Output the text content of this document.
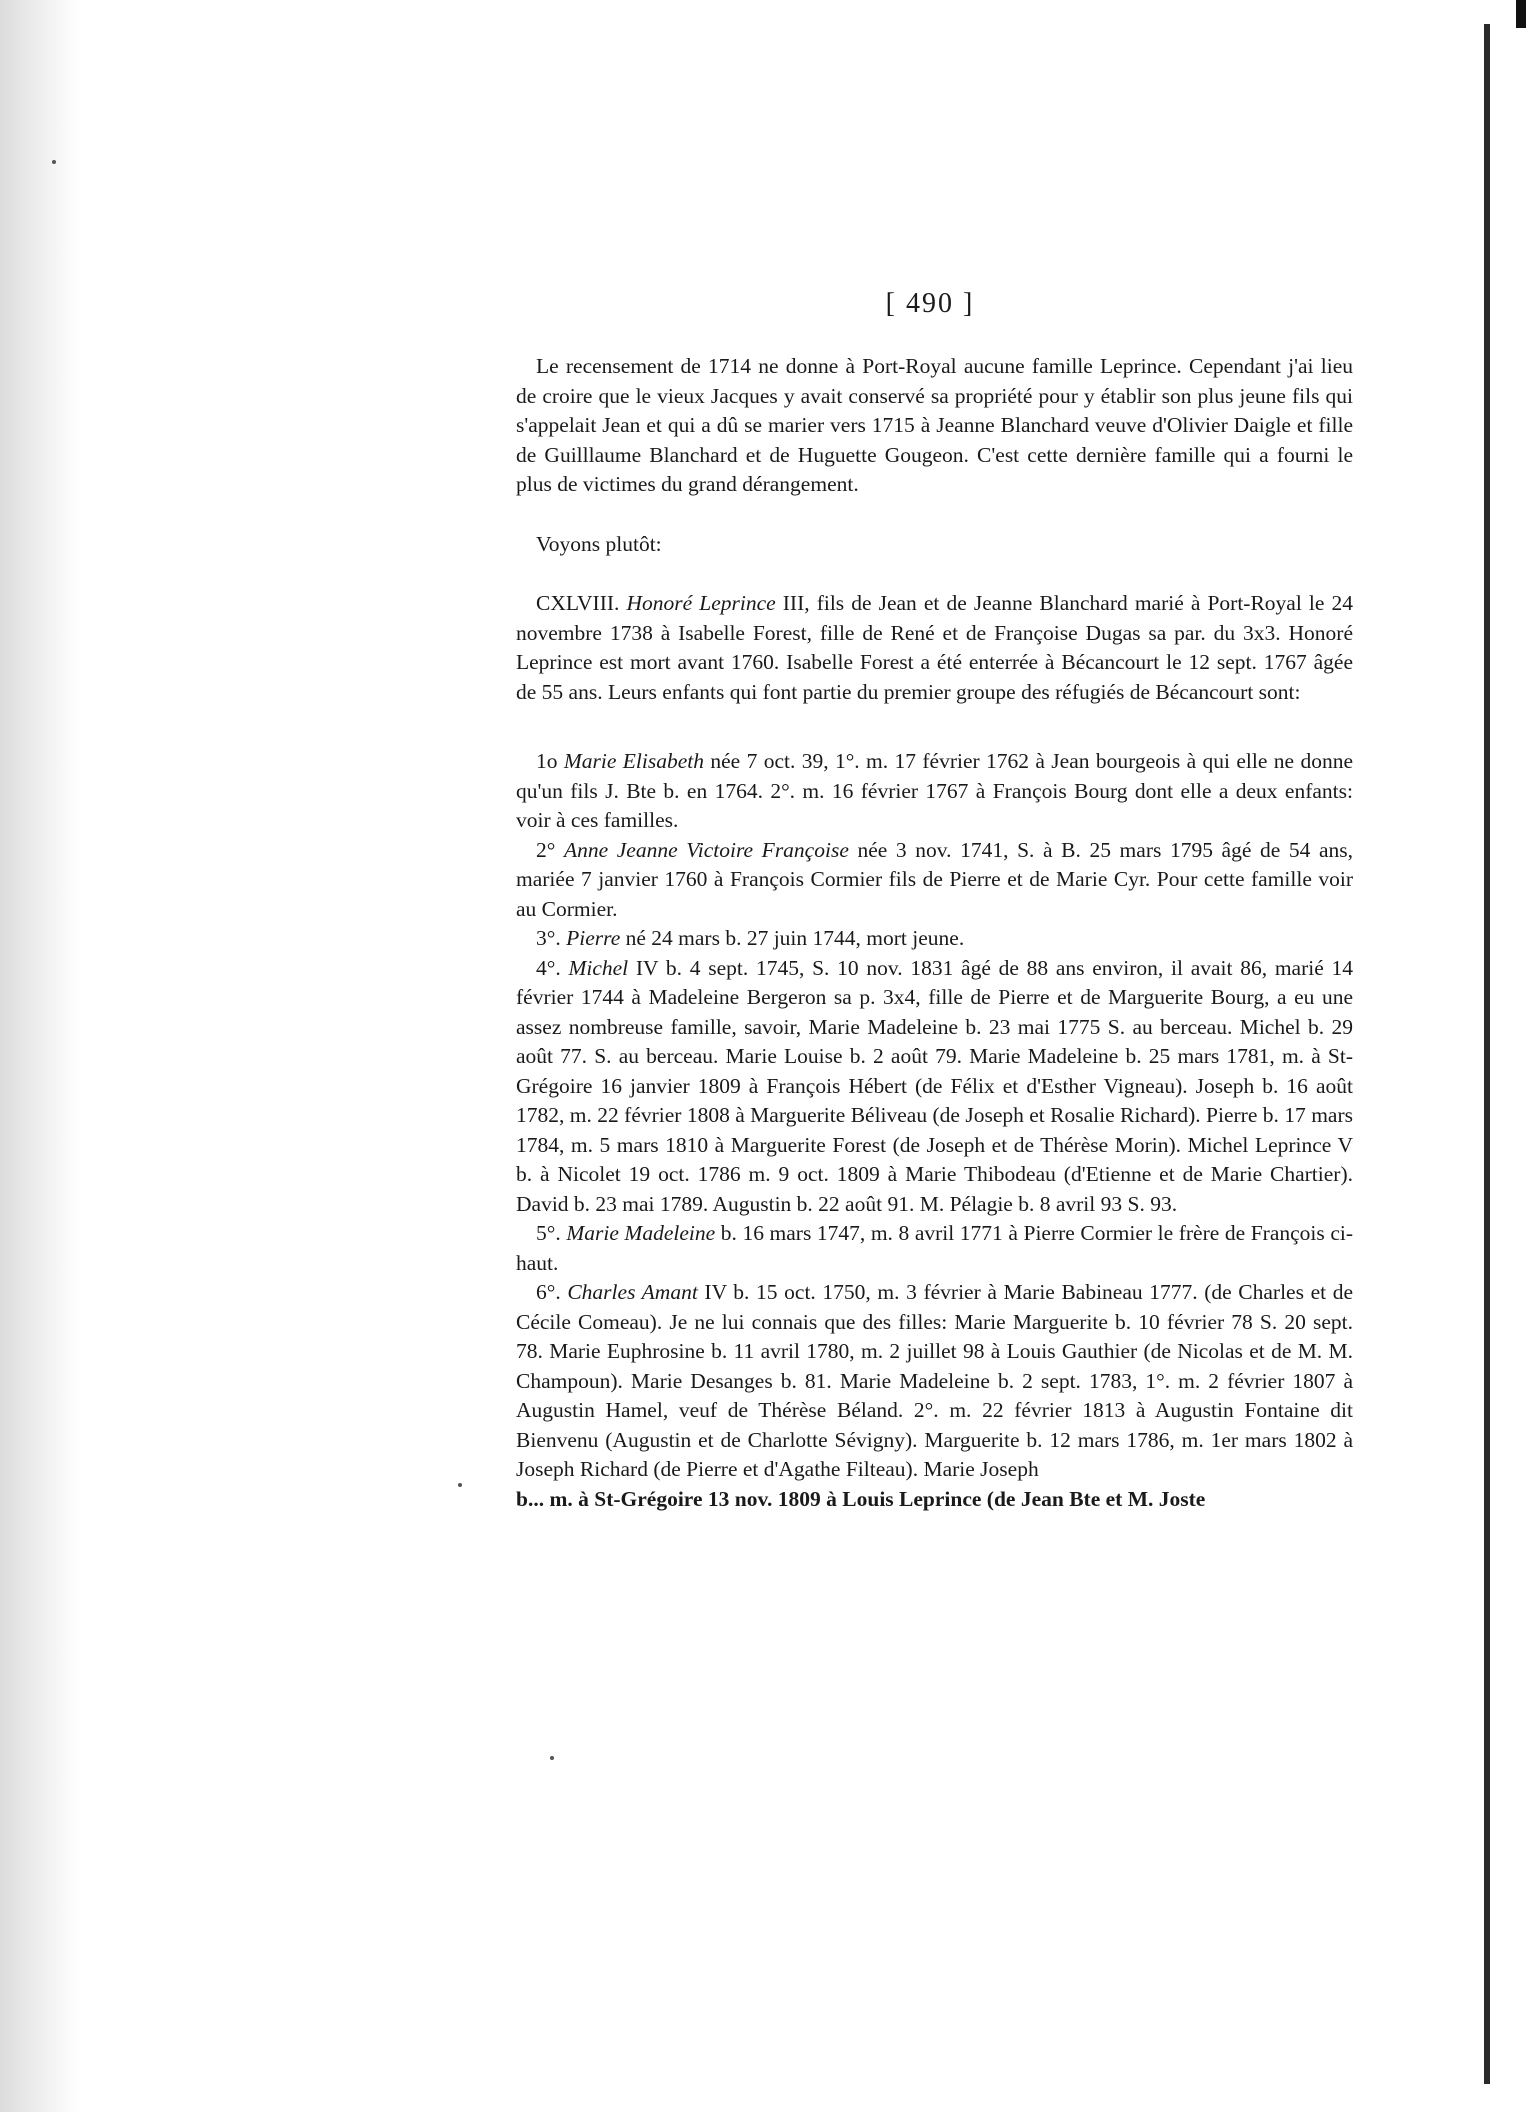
[ 490 ]

Le recensement de 1714 ne donne à Port-Royal aucune famille Leprince. Cependant j'ai lieu de croire que le vieux Jacques y avait conservé sa propriété pour y établir son plus jeune fils qui s'appelait Jean et qui a dû se marier vers 1715 à Jeanne Blanchard veuve d'Olivier Daigle et fille de Guilllaume Blanchard et de Huguette Gougeon. C'est cette dernière famille qui a fourni le plus de victimes du grand dérangement.

Voyons plutôt:

CXLVIII. Honoré Leprince III, fils de Jean et de Jeanne Blanchard marié à Port-Royal le 24 novembre 1738 à Isabelle Forest, fille de René et de Françoise Dugas sa par. du 3x3. Honoré Leprince est mort avant 1760. Isabelle Forest a été enterrée à Bécancourt le 12 sept. 1767 âgée de 55 ans. Leurs enfants qui font partie du premier groupe des réfugiés de Bécancourt sont:

1o Marie Elisabeth née 7 oct. 39, 1°. m. 17 février 1762 à Jean bourgeois à qui elle ne donne qu'un fils J. Bte b. en 1764. 2°. m. 16 février 1767 à François Bourg dont elle a deux enfants: voir à ces familles.

2° Anne Jeanne Victoire Françoise née 3 nov. 1741, S. à B. 25 mars 1795 âgé de 54 ans, mariée 7 janvier 1760 à François Cormier fils de Pierre et de Marie Cyr. Pour cette famille voir au Cormier.

3°. Pierre né 24 mars b. 27 juin 1744, mort jeune.

4°. Michel IV b. 4 sept. 1745, S. 10 nov. 1831 âgé de 88 ans environ, il avait 86, marié 14 février 1744 à Madeleine Bergeron sa p. 3x4, fille de Pierre et de Marguerite Bourg, a eu une assez nombreuse famille, savoir, Marie Madeleine b. 23 mai 1775 S. au berceau. Michel b. 29 août 77. S. au berceau. Marie Louise b. 2 août 79. Marie Madeleine b. 25 mars 1781, m. à St-Grégoire 16 janvier 1809 à François Hébert (de Félix et d'Esther Vigneau). Joseph b. 16 août 1782, m. 22 février 1808 à Marguerite Béliveau (de Joseph et Rosalie Richard). Pierre b. 17 mars 1784, m. 5 mars 1810 à Marguerite Forest (de Joseph et de Thérèse Morin). Michel Leprince V b. à Nicolet 19 oct. 1786 m. 9 oct. 1809 à Marie Thibodeau (d'Etienne et de Marie Chartier). David b. 23 mai 1789. Augustin b. 22 août 91. M. Pélagie b. 8 avril 93 S. 93.

5°. Marie Madeleine b. 16 mars 1747, m. 8 avril 1771 à Pierre Cormier le frère de François ci-haut.

6°. Charles Amant IV b. 15 oct. 1750, m. 3 février à Marie Babineau 1777. (de Charles et de Cécile Comeau). Je ne lui connais que des filles: Marie Marguerite b. 10 février 78 S. 20 sept. 78. Marie Euphrosine b. 11 avril 1780, m. 2 juillet 98 à Louis Gauthier (de Nicolas et de M. M. Champoun). Marie Desanges b. 81. Marie Madeleine b. 2 sept. 1783, 1°. m. 2 février 1807 à Augustin Hamel, veuf de Thérèse Béland. 2°. m. 22 février 1813 à Augustin Fontaine dit Bienvenu (Augustin et de Charlotte Sévigny). Marguerite b. 12 mars 1786, m. 1er mars 1802 à Joseph Richard (de Pierre et d'Agathe Filteau). Marie Joseph

b... m. à St-Grégoire 13 nov. 1809 à Louis Leprince (de Jean Bte et M. Joste
